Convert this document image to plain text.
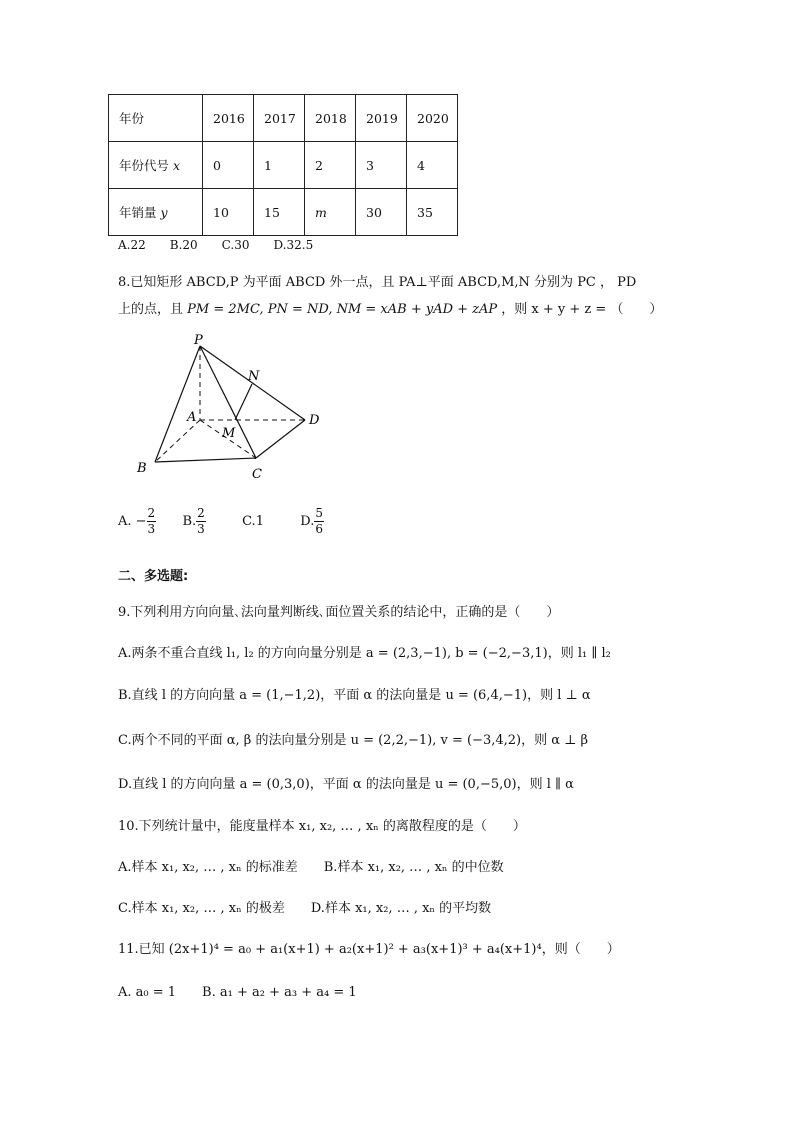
年份	2016	2017	2018	2019	2020
年份代号 x	0	1	2	3	4
年销量 y	10	15	m	30	35
A.22　　B.20　　C.30　　D.32.5
8.已知矩形 ABCD,P 为平面 ABCD 外一点，且 PA⊥平面 ABCD,M,N 分别为 PC ， PD
上的点，且 PM = 2MC, PN = ND, NM = xAB + yAD + zAP ，则 x + y + z = （　　）
P
N
A
M
D
B	C
A. − $\frac{2}{3} B$. $\frac{2}{3}$	C.1	D. $\frac{5}{6}$
二、多选题:
9.下列利用方向向量､法向量判断线､面位置关系的结论中，正确的是（　　）
A.两条不重合直线 l₁, l₂ 的方向向量分别是 a = (2,3,−1), b = (−2,−3,1)，则 l₁ ∥ l₂
B.直线 l 的方向向量 a = (1,−1,2)，平面 α 的法向量是 u = (6,4,−1)，则 l ⊥ α
C.两个不同的平面 α, β 的法向量分别是 u = (2,2,−1), v = (−3,4,2)，则 α ⊥ β
D.直线 l 的方向向量 a = (0,3,0)，平面 α 的法向量是 u = (0,−5,0)，则 l ∥ α
10.下列统计量中，能度量样本 x₁, x₂, … , xₙ 的离散程度的是（　　）
A.样本 x₁, x₂, … , xₙ 的标准差　　B.样本 x₁, x₂, … , xₙ 的中位数
C.样本 x₁, x₂, … , xₙ 的极差　　D.样本 x₁, x₂, … , xₙ 的平均数
11.已知 (2x+1)⁴ = a₀ + a₁(x+1) + a₂(x+1)² + a₃(x+1)³ + a₄(x+1)⁴，则（　　）
A. a₀ = 1　　B. a₁ + a₂ + a₃ + a₄ = 1
